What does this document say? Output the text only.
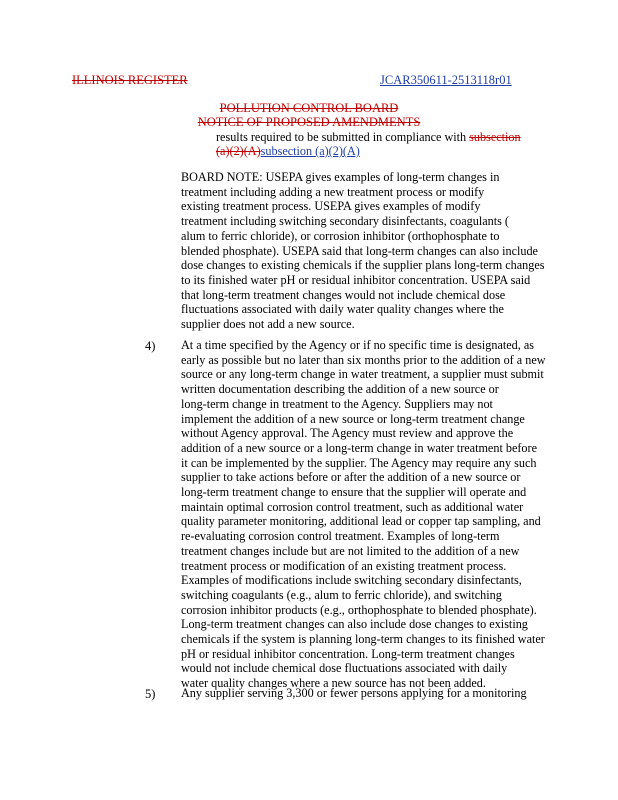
ILLINOIS REGISTER	JCAR350611-2513118r01
POLLUTION CONTROL BOARD
NOTICE OF PROPOSED AMENDMENTS
results required to be submitted in compliance with subsection
(a)(2)(A)subsection (a)(2)(A)
BOARD NOTE: USEPA gives examples of long-term changes in
treatment including adding a new treatment process or modify
existing treatment process. USEPA gives examples of modify
treatment including switching secondary disinfectants, coagulants (
alum to ferric chloride), or corrosion inhibitor (orthophosphate to
blended phosphate). USEPA said that long-term changes can also include
dose changes to existing chemicals if the supplier plans long-term changes
to its finished water pH or residual inhibitor concentration. USEPA said
that long-term treatment changes would not include chemical dose
fluctuations associated with daily water quality changes where the
supplier does not add a new source.
4) At a time specified by the Agency or if no specific time is designated, as
early as possible but no later than six months prior to the addition of a new
source or any long-term change in water treatment, a supplier must submit
written documentation describing the addition of a new source or
long-term change in treatment to the Agency. Suppliers may not
implement the addition of a new source or long-term treatment change
without Agency approval. The Agency must review and approve the
addition of a new source or a long-term change in water treatment before
it can be implemented by the supplier. The Agency may require any such
supplier to take actions before or after the addition of a new source or
long-term treatment change to ensure that the supplier will operate and
maintain optimal corrosion control treatment, such as additional water
quality parameter monitoring, additional lead or copper tap sampling, and
re-evaluating corrosion control treatment. Examples of long-term
treatment changes include but are not limited to the addition of a new
treatment process or modification of an existing treatment process.
Examples of modifications include switching secondary disinfectants,
switching coagulants (e.g., alum to ferric chloride), and switching
corrosion inhibitor products (e.g., orthophosphate to blended phosphate).
Long-term treatment changes can also include dose changes to existing
chemicals if the system is planning long-term changes to its finished water
pH or residual inhibitor concentration. Long-term treatment changes
would not include chemical dose fluctuations associated with daily
water quality changes where a new source has not been added.
5) Any supplier serving 3,300 or fewer persons applying for a monitoring
